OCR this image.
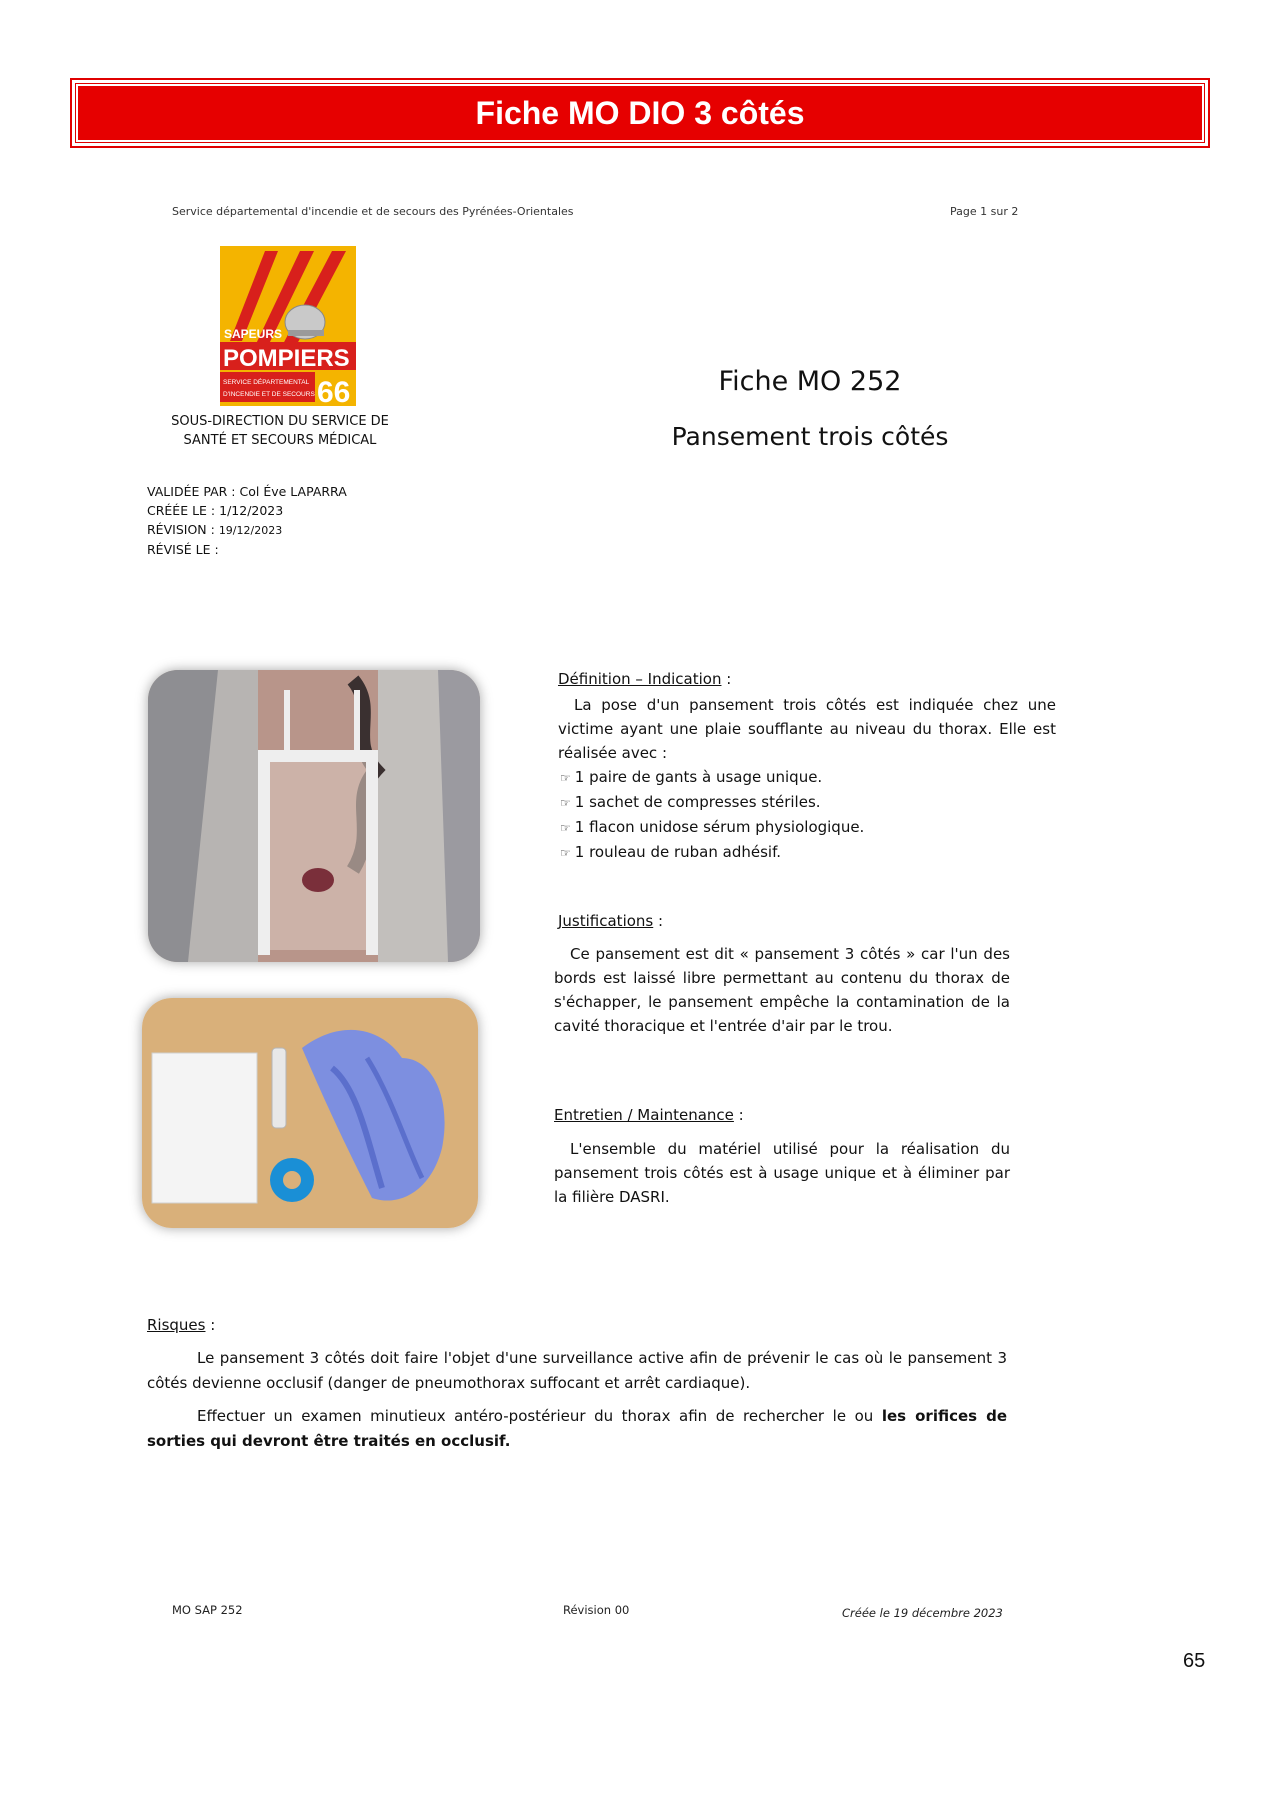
Fiche MO DIO 3 côtés
Service départemental d'incendie et de secours des Pyrénées-Orientales	Page 1 sur 2
SAPEURS
POMPIERS
SERVICE DÉPARTEMENTAL
D'INCENDIE ET DE SECOURS 66
SOUS-DIRECTION DU SERVICE DE
SANTÉ ET SECOURS MÉDICAL
VALIDÉE PAR : Col Éve LAPARRA
CRÉÉE LE : 1/12/2023
RÉVISION : 19/12/2023
RÉVISÉ LE :
Fiche MO 252
Pansement trois côtés
Définition – Indication :
La pose d'un pansement trois côtés est indiquée chez une victime ayant une plaie soufflante au niveau du thorax. Elle est réalisée avec :
☞ 1 paire de gants à usage unique.
☞ 1 sachet de compresses stériles.
☞ 1 flacon unidose sérum physiologique.
☞ 1 rouleau de ruban adhésif.
Justifications :
Ce pansement est dit « pansement 3 côtés » car l'un des bords est laissé libre permettant au contenu du thorax de s'échapper, le pansement empêche la contamination de la cavité thoracique et l'entrée d'air par le trou.
Entretien / Maintenance :
L'ensemble du matériel utilisé pour la réalisation du pansement trois côtés est à usage unique et à éliminer par la filière DASRI.
Risques :
Le pansement 3 côtés doit faire l'objet d'une surveillance active afin de prévenir le cas où le pansement 3 côtés devienne occlusif (danger de pneumothorax suffocant et arrêt cardiaque).
Effectuer un examen minutieux antéro-postérieur du thorax afin de rechercher le ou les orifices de sorties qui devront être traités en occlusif.
MO SAP 252	Révision 00	Créée le 19 décembre 2023
65
